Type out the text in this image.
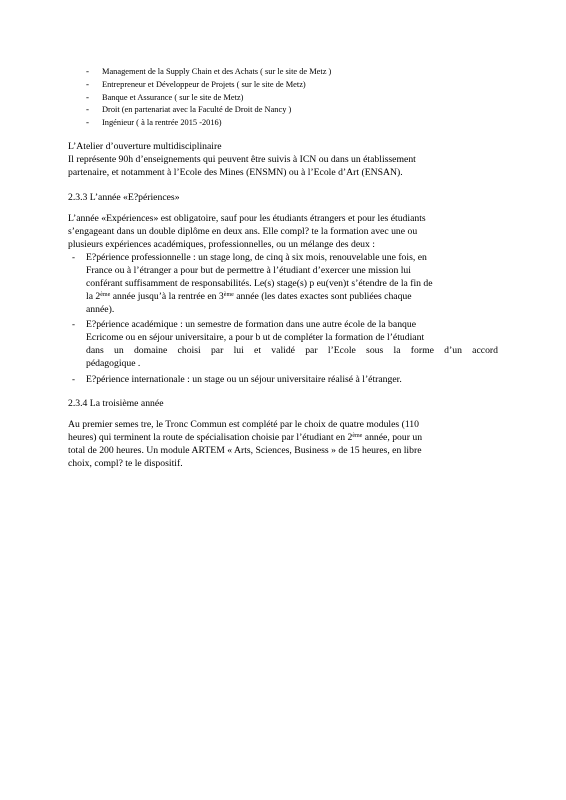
- Management de la Supply Chain et des Achats ( sur le site de Metz )
- Entrepreneur et Développeur de Projets ( sur le site de Metz)
- Banque et Assurance ( sur le site de Metz)
- Droit (en partenariat avec la Faculté de Droit de Nancy )
- Ingénieur ( à la rentrée 2015 -2016)
L’Atelier d’ouverture multidisciplinaire
Il représente 90h d’enseignements qui peuvent être suivis à ICN ou dans un établissement
partenaire, et notamment à l’Ecole des Mines (ENSMN) ou à l’Ecole d’Art (ENSAN).
2.3.3 L’année «E?périences»
L’année «Expériences» est obligatoire, sauf pour les étudiants étrangers et pour les étudiants
s’engageant dans un double diplôme en deux ans. Elle compl? te la formation avec une ou
plusieurs expériences académiques, professionnelles, ou un mélange des deux :
- E?périence professionnelle : un stage long, de cinq à six mois, renouvelable une fois, en
France ou à l’étranger a pour but de permettre à l’étudiant d’exercer une mission lui
conférant suffisamment de responsabilités. Le(s) stage(s) p eu(ven)t s’étendre de la fin de
la 2ème année jusqu’à la rentrée en 3ème année (les dates exactes sont publiées chaque
année).
- E?périence académique : un semestre de formation dans une autre école de la banque
Ecricome ou en séjour universitaire, a pour b ut de compléter la formation de l’étudiant
dans un domaine choisi par lui et validé par l’Ecole sous la forme d’un accord
pédagogique .
- E?périence internationale : un stage ou un séjour universitaire réalisé à l’étranger.
2.3.4 La troisième année
Au premier semes tre, le Tronc Commun est complété par le choix de quatre modules (110
heures) qui terminent la route de spécialisation choisie par l’étudiant en 2ème année, pour un
total de 200 heures. Un module ARTEM « Arts, Sciences, Business » de 15 heures, en libre
choix, compl? te le dispositif.
